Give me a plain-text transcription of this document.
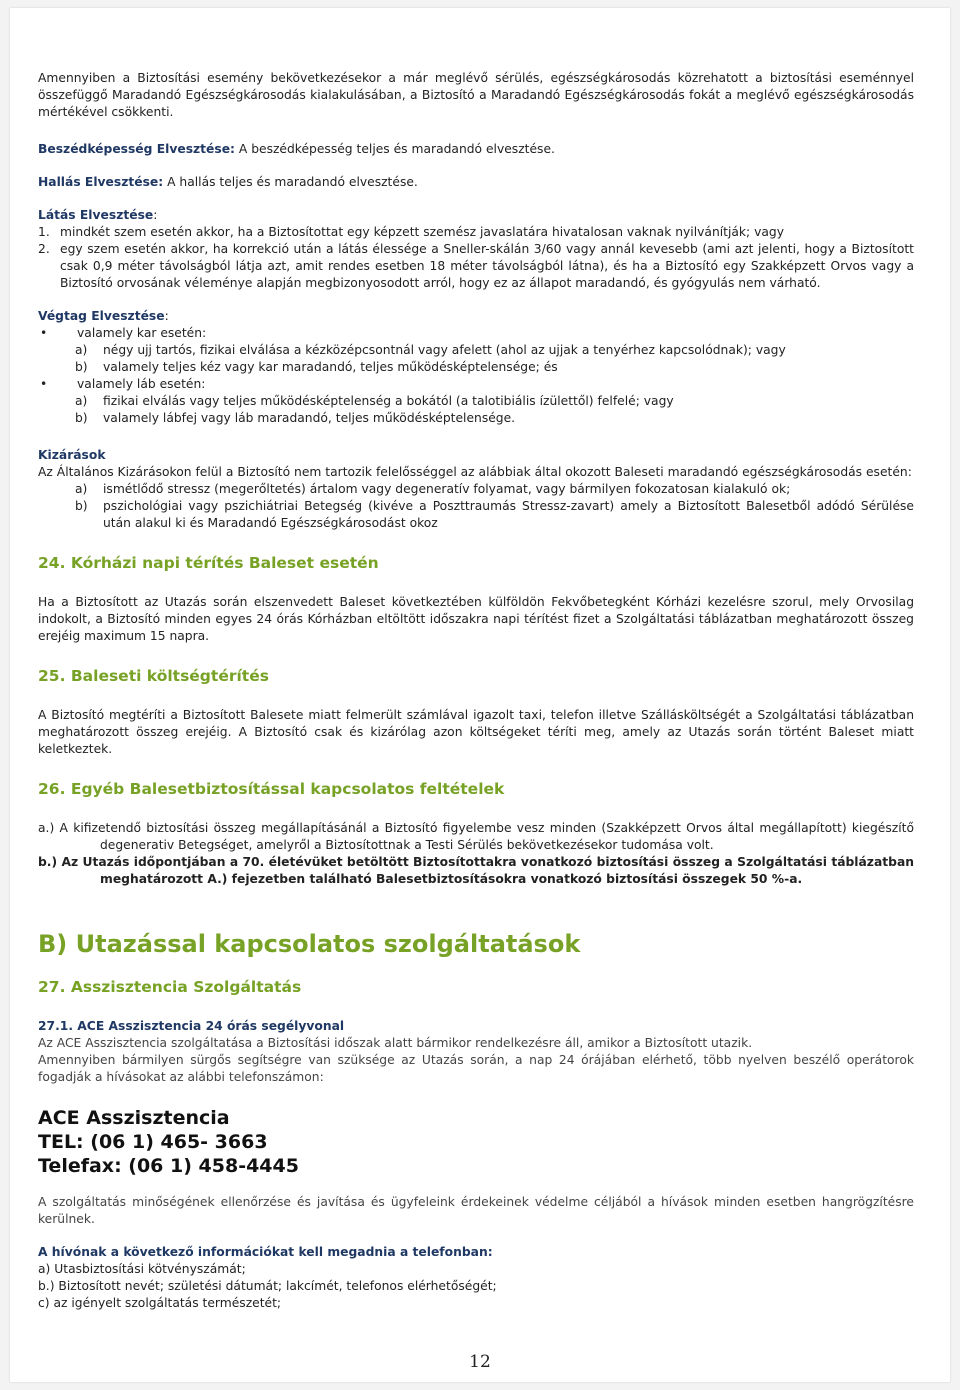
Amennyiben a Biztosítási esemény bekövetkezésekor a már meglévő sérülés, egészségkárosodás közrehatott a biztosítási eseménnyel összefüggő Maradandó Egészségkárosodás kialakulásában, a Biztosító a Maradandó Egészségkárosodás fokát a meglévő egészségkárosodás mértékével csökkenti.

Beszédképesség Elvesztése: A beszédképesség teljes és maradandó elvesztése.

Hallás Elvesztése: A hallás teljes és maradandó elvesztése.

Látás Elvesztése:

1. mindkét szem esetén akkor, ha a Biztosítottat egy képzett szemész javaslatára hivatalosan vaknak nyilvánítják; vagy
2. egy szem esetén akkor, ha korrekció után a látás élessége a Sneller-skálán 3/60 vagy annál kevesebb (ami azt jelenti, hogy a Biztosított csak 0,9 méter távolságból látja azt, amit rendes esetben 18 méter távolságból látna), és ha a Biztosító egy Szakképzett Orvos vagy a Biztosító orvosának véleménye alapján megbizonyosodott arról, hogy ez az állapot maradandó, és gyógyulás nem várható.

Végtag Elvesztése:

•	valamely kar esetén:
a)	négy ujj tartós, fizikai elválása a kézközépcsontnál vagy afelett (ahol az ujjak a tenyérhez kapcsolódnak); vagy
b)	valamely teljes kéz vagy kar maradandó, teljes működésképtelensége; és
•	valamely láb esetén:
a)	fizikai elválás vagy teljes működésképtelenség a bokától (a talotibiális ízülettől) felfelé; vagy
b)	valamely lábfej vagy láb maradandó, teljes működésképtelensége.

Kizárások

Az Általános Kizárásokon felül a Biztosító nem tartozik felelősséggel az alábbiak által okozott Baleseti maradandó egészségkárosodás esetén:

a)	ismétlődő stressz (megerőltetés) ártalom vagy degeneratív folyamat, vagy bármilyen fokozatosan kialakuló ok;
b)	pszichológiai vagy pszichiátriai Betegség (kivéve a Poszttraumás Stressz-zavart) amely a Biztosított Balesetből adódó Sérülése után alakul ki és Maradandó Egészségkárosodást okoz

24. Kórházi napi térítés Baleset esetén

Ha a Biztosított az Utazás során elszenvedett Baleset következtében külföldön Fekvőbetegként Kórházi kezelésre szorul, mely Orvosilag indokolt, a Biztosító minden egyes 24 órás Kórházban eltöltött időszakra napi térítést fizet a Szolgáltatási táblázatban meghatározott összeg erejéig maximum 15 napra.

25. Baleseti költségtérítés

A Biztosító megtéríti a Biztosított Balesete miatt felmerült számlával igazolt taxi, telefon illetve Szállásköltségét a Szolgáltatási táblázatban meghatározott összeg erejéig. A Biztosító csak és kizárólag azon költségeket téríti meg, amely az Utazás során történt Baleset miatt keletkeztek.

26. Egyéb Balesetbiztosítással kapcsolatos feltételek

a.) A kifizetendő biztosítási összeg megállapításánál a Biztosító figyelembe vesz minden (Szakképzett Orvos által megállapított) kiegészítő degenerativ Betegséget, amelyről a Biztosítottnak a Testi Sérülés bekövetkezésekor tudomása volt.

b.) Az Utazás időpontjában a 70. életévüket betöltött Biztosítottakra vonatkozó biztosítási összeg a Szolgáltatási táblázatban meghatározott A.) fejezetben található Balesetbiztosításokra vonatkozó biztosítási összegek 50 %-a.

B) Utazással kapcsolatos szolgáltatások

27. Asszisztencia Szolgáltatás

27.1. ACE Asszisztencia 24 órás segélyvonal

Az ACE Asszisztencia szolgáltatása a Biztosítási időszak alatt bármikor rendelkezésre áll, amikor a Biztosított utazik.

Amennyiben bármilyen sürgős segítségre van szüksége az Utazás során, a nap 24 órájában elérhető, több nyelven beszélő operátorok fogadják a hívásokat az alábbi telefonszámon:

ACE Asszisztencia

TEL: (06 1) 465- 3663

Telefax: (06 1) 458-4445

A szolgáltatás minőségének ellenőrzése és javítása és ügyfeleink érdekeinek védelme céljából a hívások minden esetben hangrögzítésre kerülnek.

A hívónak a következő információkat kell megadnia a telefonban:

a) Utasbiztosítási kötvényszámát;

b.) Biztosított nevét; születési dátumát; lakcímét, telefonos elérhetőségét;

c) az igényelt szolgáltatás természetét;

12
